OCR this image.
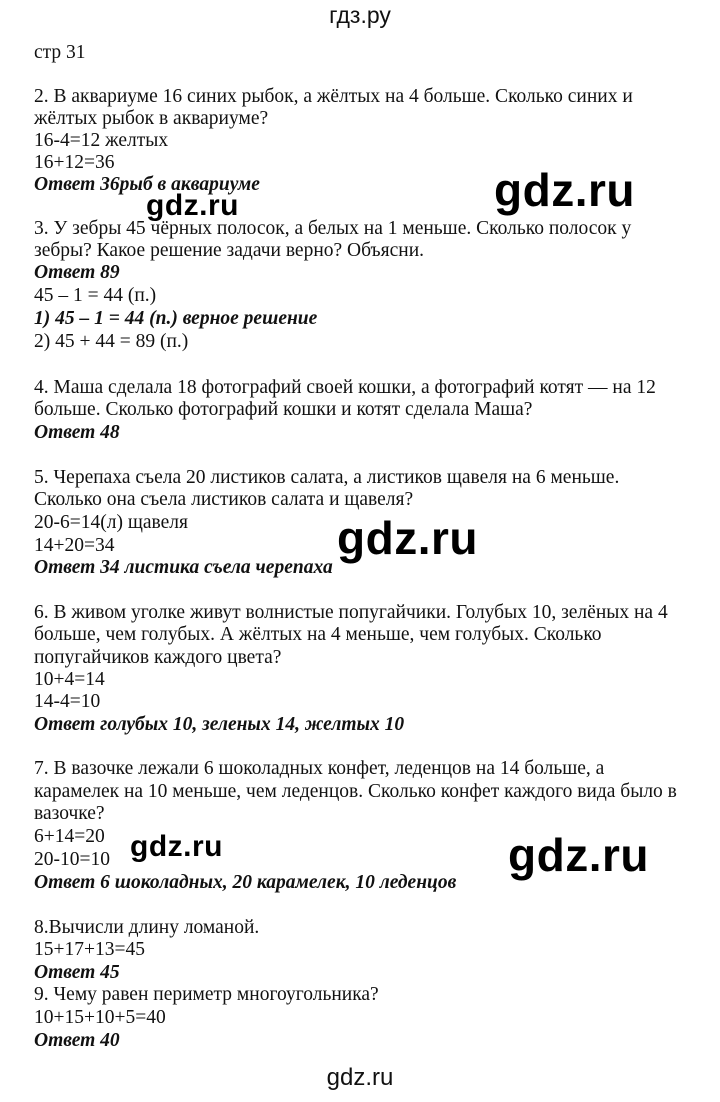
гдз.ру
стр 31
2. В аквариуме 16 синих рыбок, а жёлтых на 4 больше. Сколько синих и
жёлтых рыбок в аквариуме?
16-4=12 желтых
16+12=36
Ответ 36рыб в аквариуме
3. У зебры 45 чёрных полосок, а белых на 1 меньше. Сколько полосок у
зебры? Какое решение задачи верно? Объясни.
Ответ 89
45 – 1 = 44 (п.)
1) 45 – 1 = 44 (п.) верное решение
2) 45 + 44 = 89 (п.)
4. Маша сделала 18 фотографий своей кошки, а фотографий котят — на 12
больше. Сколько фотографий кошки и котят сделала Маша?
Ответ 48
5. Черепаха съела 20 листиков салата, а листиков щавеля на 6 меньше.
Сколько она съела листиков салата и щавеля?
20-6=14(л) щавеля
14+20=34
Ответ 34 листика съела черепаха
6. В живом уголке живут волнистые попугайчики. Голубых 10, зелёных на 4
больше, чем голубых. А жёлтых на 4 меньше, чем голубых. Сколько
попугайчиков каждого цвета?
10+4=14
14-4=10
Ответ голубых 10, зеленых 14, желтых 10
7. В вазочке лежали 6 шоколадных конфет, леденцов на 14 больше, а
карамелек на 10 меньше, чем леденцов. Сколько конфет каждого вида было в
вазочке?
6+14=20
20-10=10
Ответ 6 шоколадных, 20 карамелек, 10 леденцов
8.Вычисли длину ломаной.
15+17+13=45
Ответ 45
9. Чему равен периметр многоугольника?
10+15+10+5=40
Ответ 40
gdz.ru
gdz.ru
gdz.ru
gdz.ru	gdz.ru
gdz.ru
